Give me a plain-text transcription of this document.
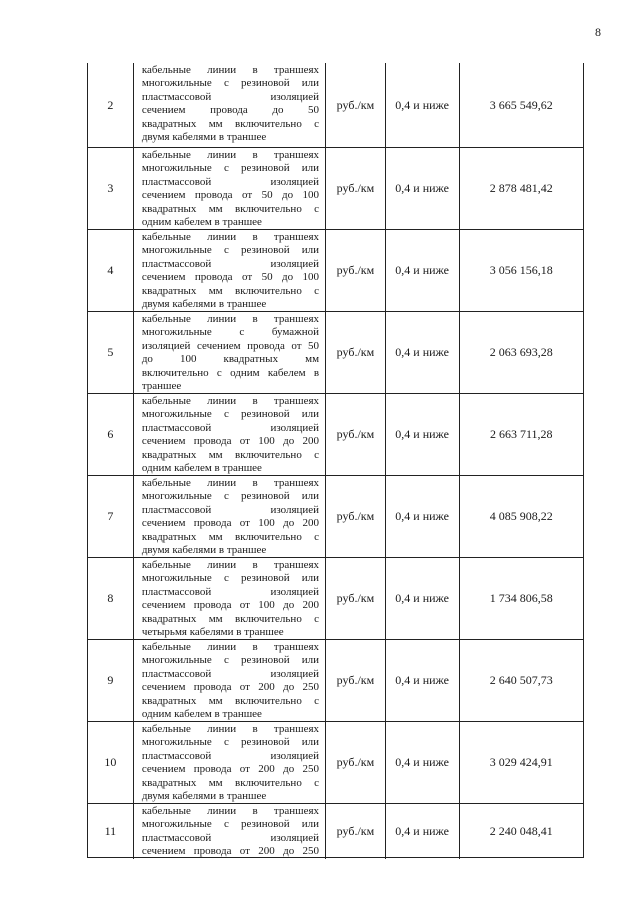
8
2
кабельные линии в траншеях
многожильные с резиновой или
пластмассовой изоляцией
сечением провода до 50
квадратных мм включительно с
двумя кабелями в траншее
руб./км	0,4 и ниже	3 665 549,62
3
кабельные линии в траншеях
многожильные с резиновой или
пластмассовой изоляцией
сечением провода от 50 до 100
квадратных мм включительно с
одним кабелем в траншее
руб./км	0,4 и ниже	2 878 481,42
4
кабельные линии в траншеях
многожильные с резиновой или
пластмассовой изоляцией
сечением провода от 50 до 100
квадратных мм включительно с
двумя кабелями в траншее
руб./км	0,4 и ниже	3 056 156,18
5
кабельные линии в траншеях
многожильные с бумажной
изоляцией сечением провода от 50
до 100 квадратных мм
включительно с одним кабелем в
траншее
руб./км	0,4 и ниже	2 063 693,28
6
кабельные линии в траншеях
многожильные с резиновой или
пластмассовой изоляцией
сечением провода от 100 до 200
квадратных мм включительно с
одним кабелем в траншее
руб./км	0,4 и ниже	2 663 711,28
7
кабельные линии в траншеях
многожильные с резиновой или
пластмассовой изоляцией
сечением провода от 100 до 200
квадратных мм включительно с
двумя кабелями в траншее
руб./км	0,4 и ниже	4 085 908,22
8
кабельные линии в траншеях
многожильные с резиновой или
пластмассовой изоляцией
сечением провода от 100 до 200
квадратных мм включительно с
четырьмя кабелями в траншее
руб./км	0,4 и ниже	1 734 806,58
9
кабельные линии в траншеях
многожильные с резиновой или
пластмассовой изоляцией
сечением провода от 200 до 250
квадратных мм включительно с
одним кабелем в траншее
руб./км	0,4 и ниже	2 640 507,73
10
кабельные линии в траншеях
многожильные с резиновой или
пластмассовой изоляцией
сечением провода от 200 до 250
квадратных мм включительно с
двумя кабелями в траншее
руб./км	0,4 и ниже	3 029 424,91
11
кабельные линии в траншеях
многожильные с резиновой или
пластмассовой изоляцией
сечением провода от 200 до 250
руб./км	0,4 и ниже	2 240 048,41
